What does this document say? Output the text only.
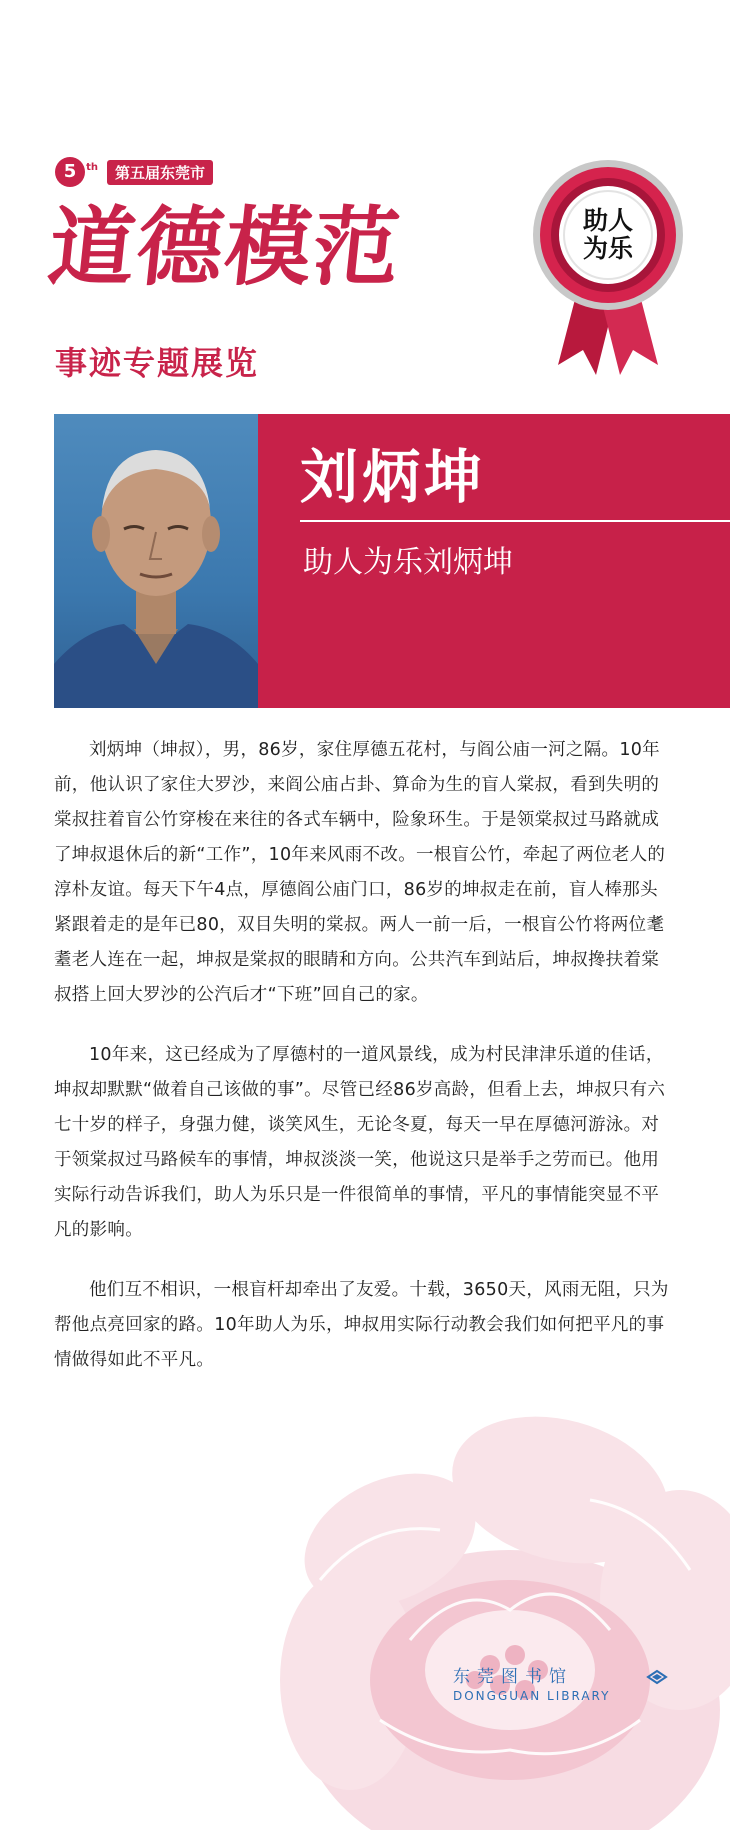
5 th	第五届东莞市
道德模范
事迹专题展览
助人
为乐
刘炳坤
助人为乐刘炳坤

刘炳坤（坤叔），男，86岁，家住厚德五花村，与阎公庙一河之隔。10年前，他认识了家住大罗沙，来阎公庙占卦、算命为生的盲人棠叔，看到失明的棠叔拄着盲公竹穿梭在来往的各式车辆中，险象环生。于是领棠叔过马路就成了坤叔退休后的新“工作”，10年来风雨不改。一根盲公竹，牵起了两位老人的淳朴友谊。每天下午4点，厚德阎公庙门口，86岁的坤叔走在前，盲人棒那头紧跟着走的是年已80，双目失明的棠叔。两人一前一后，一根盲公竹将两位耄耋老人连在一起，坤叔是棠叔的眼睛和方向。公共汽车到站后，坤叔搀扶着棠叔搭上回大罗沙的公汽后才“下班”回自己的家。

10年来，这已经成为了厚德村的一道风景线，成为村民津津乐道的佳话，坤叔却默默“做着自己该做的事”。尽管已经86岁高龄，但看上去，坤叔只有六七十岁的样子，身强力健，谈笑风生，无论冬夏，每天一早在厚德河游泳。对于领棠叔过马路候车的事情，坤叔淡淡一笑，他说这只是举手之劳而已。他用实际行动告诉我们，助人为乐只是一件很简单的事情，平凡的事情能突显不平凡的影响。

他们互不相识，一根盲杆却牵出了友爱。十载，3650天，风雨无阻，只为帮他点亮回家的路。10年助人为乐，坤叔用实际行动教会我们如何把平凡的事情做得如此不平凡。

东莞图书馆
DONGGUAN LIBRARY
